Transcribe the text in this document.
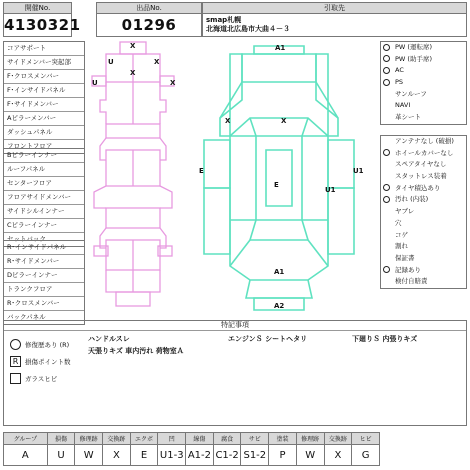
開催No.
4130321
出品No.
01296
引取先
smap札幌
北海道北広島市大曲４－３
コアサポート
サイドメンバー突起部
F･クロスメンバー
F･インサイドパネル
F･サイドメンバー
Aピラーメンバー
ダッシュパネル
フロントフロア
Bピラーインナー
ルーフパネル
センターフロア
フロアサイドメンバー
サイドシルインナー
Cピラーインナー
セットバック
R･インサイドパネル
R･サイドメンバー
Dピラーインナー
トランクフロア
R･クロスメンバー
バックパネル
X
U
X
X
U	X
A1
X	X
E
E
U1
U1
A1
A2
PW (運転席)
PW (助手席)
AC
PS
サンルーフ
NAVI
革シート
アンテナなし (破損)
ホイールカバーなし
スペアタイヤなし
スタットレス装着
タイヤ積込あり
汚れ (内装)
ヤブレ
穴
コゲ
割れ
保証書
記録あり
検付自賠責
特記事項
修復歴あり (R)
R 損傷ポイント数
ガラスヒビ
ハンドルスレ	エンジンＳ シートヘタリ	下廻りＳ 内張りキズ
天張りキズ 車内汚れ 荷物室Ａ
グループ	損傷	修理跡	交換跡	エクボ	凹	線傷	腐食	サビ	塗装	修理跡	交換跡	ヒビ
A	U	W	X	E	U1-3	A1-2	C1-2	S1-2	P	W	X	G
